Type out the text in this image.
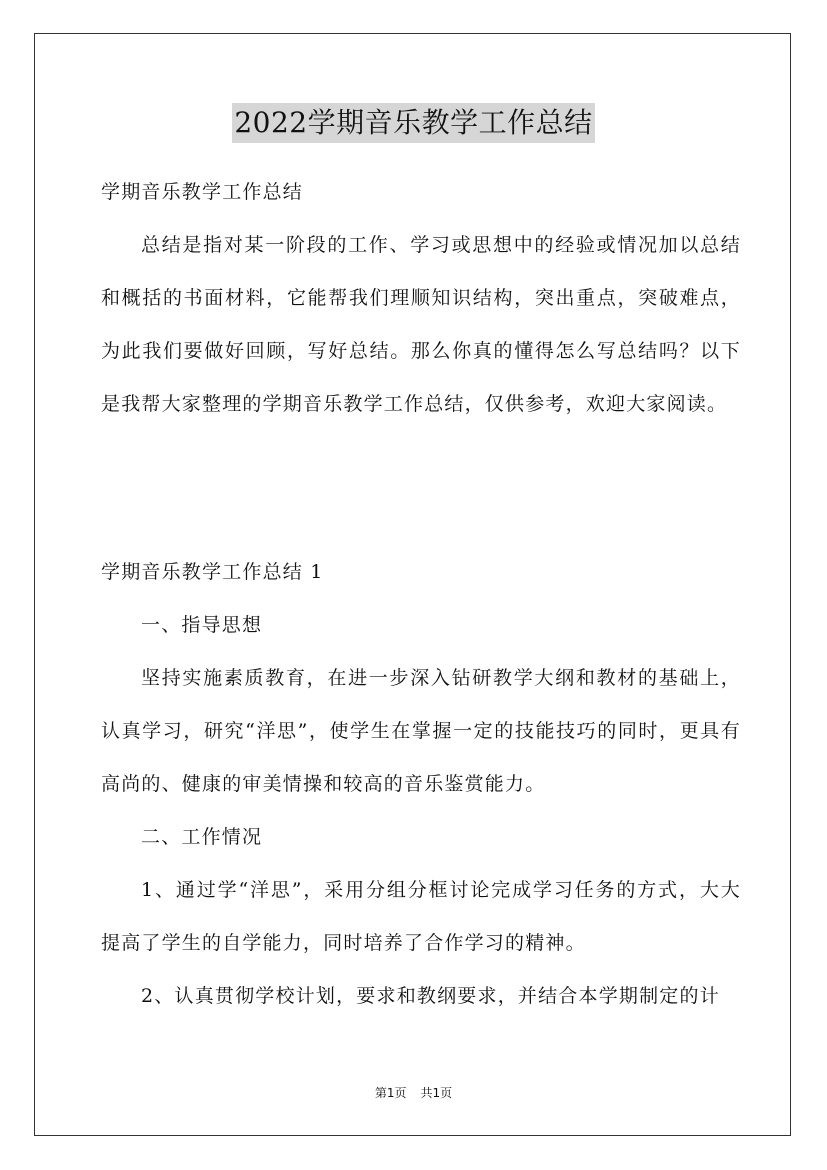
2022学期音乐教学工作总结

学期音乐教学工作总结

总结是指对某一阶段的工作、学习或思想中的经验或情况加以总结和概括的书面材料，它能帮我们理顺知识结构，突出重点，突破难点，为此我们要做好回顾，写好总结。那么你真的懂得怎么写总结吗？以下是我帮大家整理的学期音乐教学工作总结，仅供参考，欢迎大家阅读。

学期音乐教学工作总结 1

一、指导思想

坚持实施素质教育，在进一步深入钻研教学大纲和教材的基础上，认真学习，研究“洋思”，使学生在掌握一定的技能技巧的同时，更具有高尚的、健康的审美情操和较高的音乐鉴赏能力。

二、工作情况

1、通过学“洋思”，采用分组分框讨论完成学习任务的方式，大大提高了学生的自学能力，同时培养了合作学习的精神。

2、认真贯彻学校计划，要求和教纲要求，并结合本学期制定的计

第1页 共1页
